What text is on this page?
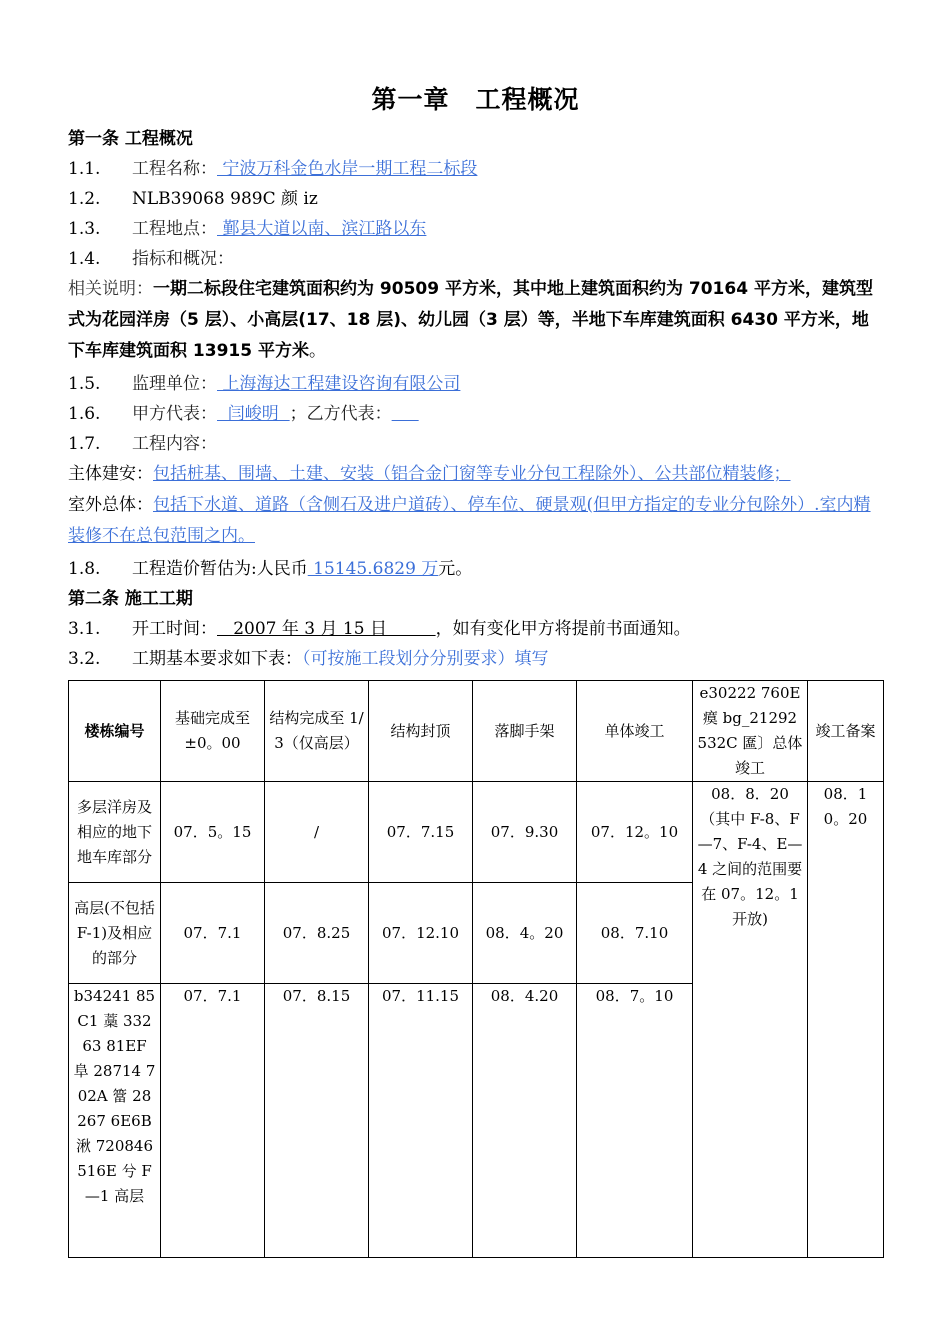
第一章　工程概况
第一条 工程概况
1.1. 工程名称： 宁波万科金色水岸一期工程二标段
1.2. NLB39068 989C 颜 iz
1.3. 工程地点： 鄞县大道以南、滨江路以东
1.4. 指标和概况：
相关说明：一期二标段住宅建筑面积约为 90509 平方米，其中地上建筑面积约为 70164 平方米，建筑型式为花园洋房（5 层）、小高层(17、18 层)、幼儿园（3 层）等，半地下车库建筑面积 6430 平方米，地下车库建筑面积 13915 平方米。
1.5. 监理单位： 上海海达工程建设咨询有限公司
1.6. 甲方代表：  闫峻明  ；乙方代表：
1.7. 工程内容：
主体建安：包括桩基、围墙、土建、安装（铝合金门窗等专业分包工程除外）、公共部位精装修；
室外总体：包括下水道、道路（含侧石及进户道砖）、停车位、硬景观(但甲方指定的专业分包除外）.室内精装修不在总包范围之内。
1.8. 工程造价暂估为:人民币 15145.6829 万元。
第二条 施工工期
3.1. 开工时间：   2007 年 3 月 15 日         ，如有变化甲方将提前书面通知。
3.2. 工期基本要求如下表：（可按施工段划分分别要求）填写
楼栋编号	基础完成至±0。00	结构完成至 1/3（仅高层）	结构封顶	落脚手架	单体竣工	e30222 760E 瘼 bg_21292 532C 匲〕总体竣工	竣工备案
多层洋房及相应的地下地车库部分	07．5。15	/	07．7.15	07．9.30	07．12。10	08．8．20（其中 F-8、F—7、F-4、E—4 之间的范围要在 07。12。1 开放)	08．10。20
高层(不包括 F-1)及相应的部分	07．7.1	07．8.25	07．12.10	08．4。20	08．7.10		
b34241 85C1 藁 33263 81EF 阜 28714 702A 簹 28267 6E6B 湫 720846 516E 兮 F—1 高层	07．7.1	07．8.15	07．11.15	08．4.20	08．7。10		
